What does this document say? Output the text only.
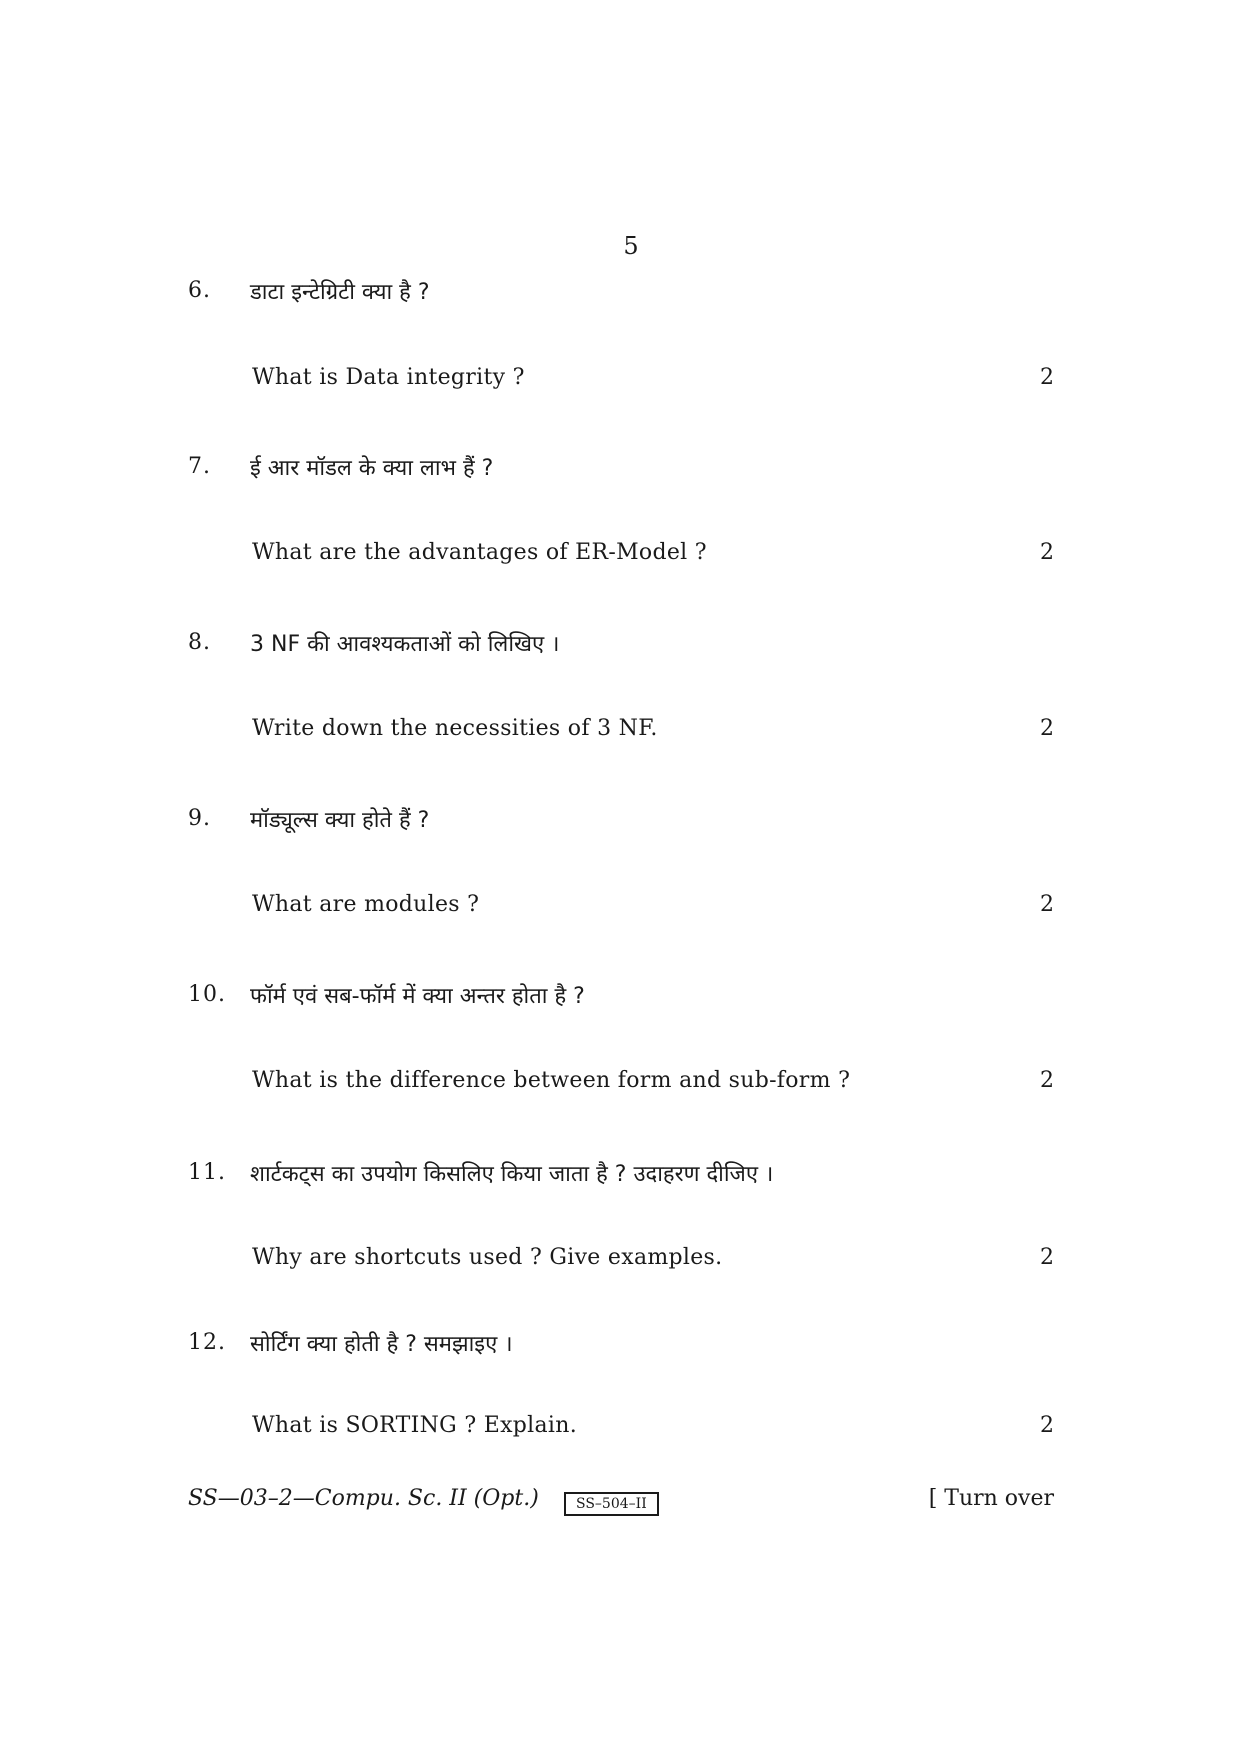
5
6. डाटा इन्टेग्रिटी क्या है ?
What is Data integrity ?	2
7. ई आर मॉडल के क्या लाभ हैं ?
What are the advantages of ER-Model ?	2
8. 3 NF की आवश्यकताओं को लिखिए ।
Write down the necessities of 3 NF.	2
9. मॉड्यूल्स क्या होते हैं ?
What are modules ?	2
10. फॉर्म एवं सब-फॉर्म में क्या अन्तर होता है ?
What is the difference between form and sub-form ?	2
11. शार्टकट्स का उपयोग किसलिए किया जाता है ? उदाहरण दीजिए ।
Why are shortcuts used ? Give examples.	2
12. सोर्टिंग क्या होती है ? समझाइए ।
What is SORTING ? Explain.	2
SS—03–2—Compu. Sc. II (Opt.)	SS–504–II	[ Turn over
